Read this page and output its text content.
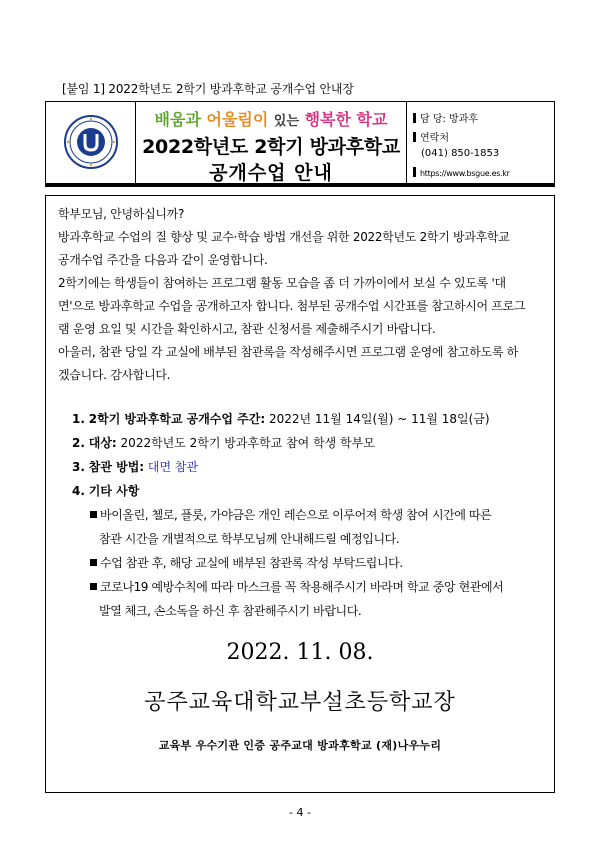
[붙임 1] 2022학년도 2학기 방과후학교 공개수업 안내장
배움과 어울림이 있는 행복한 학교
2022학년도 2학기 방과후학교
공개수업 안내
담 당: 방과후
연락처
(041) 850-1853
https://www.bsgue.es.kr
학부모님, 안녕하십니까?
방과후학교 수업의 질 향상 및 교수·학습 방법 개선을 위한 2022학년도 2학기 방과후학교
공개수업 주간을 다음과 같이 운영합니다.
2학기에는 학생들이 참여하는 프로그램 활동 모습을 좀 더 가까이에서 보실 수 있도록 '대
면'으로 방과후학교 수업을 공개하고자 합니다. 첨부된 공개수업 시간표를 참고하시어 프로그
램 운영 요일 및 시간을 확인하시고, 참관 신청서를 제출해주시기 바랍니다.
아울러, 참관 당일 각 교실에 배부된 참관록을 작성해주시면 프로그램 운영에 참고하도록 하
겠습니다. 감사합니다.
1. 2학기 방과후학교 공개수업 주간: 2022년 11월 14일(월) ~ 11월 18일(금)
2. 대상: 2022학년도 2학기 방과후학교 참여 학생 학부모
3. 참관 방법: 대면 참관
4. 기타 사항
바이올린, 첼로, 플룻, 가야금은 개인 레슨으로 이루어져 학생 참여 시간에 따른
참관 시간을 개별적으로 학부모님께 안내해드릴 예정입니다.
수업 참관 후, 해당 교실에 배부된 참관록 작성 부탁드립니다.
코로나19 예방수칙에 따라 마스크를 꼭 착용해주시기 바라며 학교 중앙 현관에서
발열 체크, 손소독을 하신 후 참관해주시기 바랍니다.
2022. 11. 08.
공주교육대학교부설초등학교장
교육부 우수기관 인증 공주교대 방과후학교 (재)나우누리
- 4 -
